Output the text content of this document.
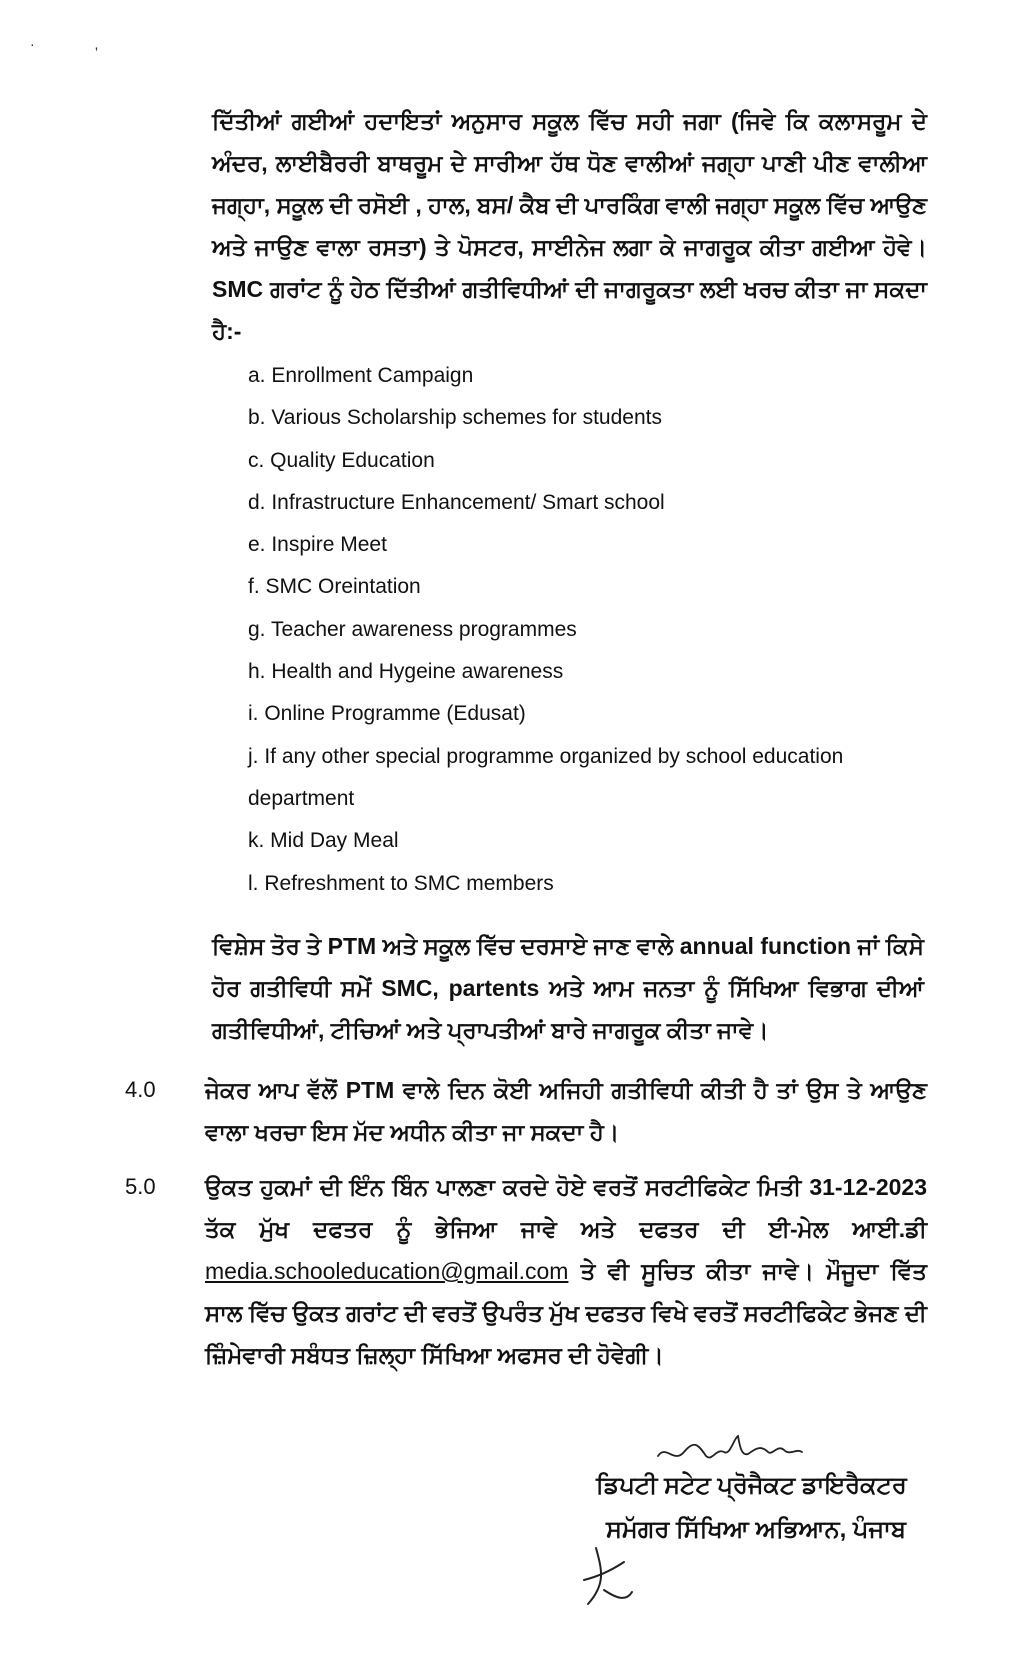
· ,
ਦਿੱਤੀਆਂ ਗਈਆਂ ਹਦਾਇਤਾਂ ਅਨੁਸਾਰ ਸਕੂਲ ਵਿੱਚ ਸਹੀ ਜਗਾ (ਜਿਵੇ ਕਿ ਕਲਾਸਰੂਮ ਦੇ ਅੰਦਰ, ਲਾਈਬੈਰਰੀ ਬਾਥਰੂਮ ਦੇ ਸਾਰੀਆ ਹੱਥ ਧੋਣ ਵਾਲੀਆਂ ਜਗ੍ਹਾ ਪਾਣੀ ਪੀਣ ਵਾਲੀਆ ਜਗ੍ਹਾ, ਸਕੂਲ ਦੀ ਰਸੋਈ , ਹਾਲ, ਬਸ/ ਕੈਬ ਦੀ ਪਾਰਕਿੰਗ ਵਾਲੀ ਜਗ੍ਹਾ ਸਕੂਲ ਵਿੱਚ ਆਉਣ ਅਤੇ ਜਾਉਣ ਵਾਲਾ ਰਸਤਾ) ਤੇ ਪੋਸਟਰ, ਸਾਈਨੇਜ ਲਗਾ ਕੇ ਜਾਗਰੂਕ ਕੀਤਾ ਗਈਆ ਹੋਵੇ। SMC ਗਰਾਂਟ ਨੂੰ ਹੇਠ ਦਿੱਤੀਆਂ ਗਤੀਵਿਧੀਆਂ ਦੀ ਜਾਗਰੂਕਤਾ ਲਈ ਖਰਚ ਕੀਤਾ ਜਾ ਸਕਦਾ ਹੈ:-
a. Enrollment Campaign
b. Various Scholarship schemes for students
c. Quality Education
d. Infrastructure Enhancement/ Smart school
e. Inspire Meet
f. SMC Oreintation
g. Teacher awareness programmes
h. Health and Hygeine awareness
i. Online Programme (Edusat)
j. If any other special programme organized by school education
department
k. Mid Day Meal
l. Refreshment to SMC members
ਵਿਸ਼ੇਸ ਤੋਰ ਤੇ PTM ਅਤੇ ਸਕੂਲ ਵਿੱਚ ਦਰਸਾਏ ਜਾਣ ਵਾਲੇ annual function ਜਾਂ ਕਿਸੇ ਹੋਰ ਗਤੀਵਿਧੀ ਸਮੇਂ SMC, partents ਅਤੇ ਆਮ ਜਨਤਾ ਨੂੰ ਸਿੱਖਿਆ ਵਿਭਾਗ ਦੀਆਂ ਗਤੀਵਿਧੀਆਂ, ਟੀਚਿਆਂ ਅਤੇ ਪ੍ਰਾਪਤੀਆਂ ਬਾਰੇ ਜਾਗਰੂਕ ਕੀਤਾ ਜਾਵੇ।
4.0	ਜੇਕਰ ਆਪ ਵੱਲੋਂ PTM ਵਾਲੇ ਦਿਨ ਕੋਈ ਅਜਿਹੀ ਗਤੀਵਿਧੀ ਕੀਤੀ ਹੈ ਤਾਂ ਉਸ ਤੇ ਆਉਣ ਵਾਲਾ ਖਰਚਾ ਇਸ ਮੱਦ ਅਧੀਨ ਕੀਤਾ ਜਾ ਸਕਦਾ ਹੈ।
5.0	ਉਕਤ ਹੁਕਮਾਂ ਦੀ ਇੰਨ ਬਿੰਨ ਪਾਲਣਾ ਕਰਦੇ ਹੋਏ ਵਰਤੋਂ ਸਰਟੀਫਿਕੇਟ ਮਿਤੀ 31-12-2023 ਤੱਕ ਮੁੱਖ ਦਫਤਰ ਨੂੰ ਭੇਜਿਆ ਜਾਵੇ ਅਤੇ ਦਫਤਰ ਦੀ ਈ-ਮੇਲ ਆਈ.ਡੀ media.schooleducation@gmail.com ਤੇ ਵੀ ਸੂਚਿਤ ਕੀਤਾ ਜਾਵੇ। ਮੌਜੂਦਾ ਵਿੱਤ ਸਾਲ ਵਿੱਚ ਉਕਤ ਗਰਾਂਟ ਦੀ ਵਰਤੋਂ ਉਪਰੰਤ ਮੁੱਖ ਦਫਤਰ ਵਿਖੇ ਵਰਤੋਂ ਸਰਟੀਫਿਕੇਟ ਭੇਜਣ ਦੀ ਜ਼ਿੰਮੇਵਾਰੀ ਸਬੰਧਤ ਜ਼ਿਲ੍ਹਾ ਸਿੱਖਿਆ ਅਫਸਰ ਦੀ ਹੋਵੇਗੀ।
ਡਿਪਟੀ ਸਟੇਟ ਪ੍ਰੋਜੈਕਟ ਡਾਇਰੈਕਟਰ
ਸਮੱਗਰ ਸਿੱਖਿਆ ਅਭਿਆਨ, ਪੰਜਾਬ
